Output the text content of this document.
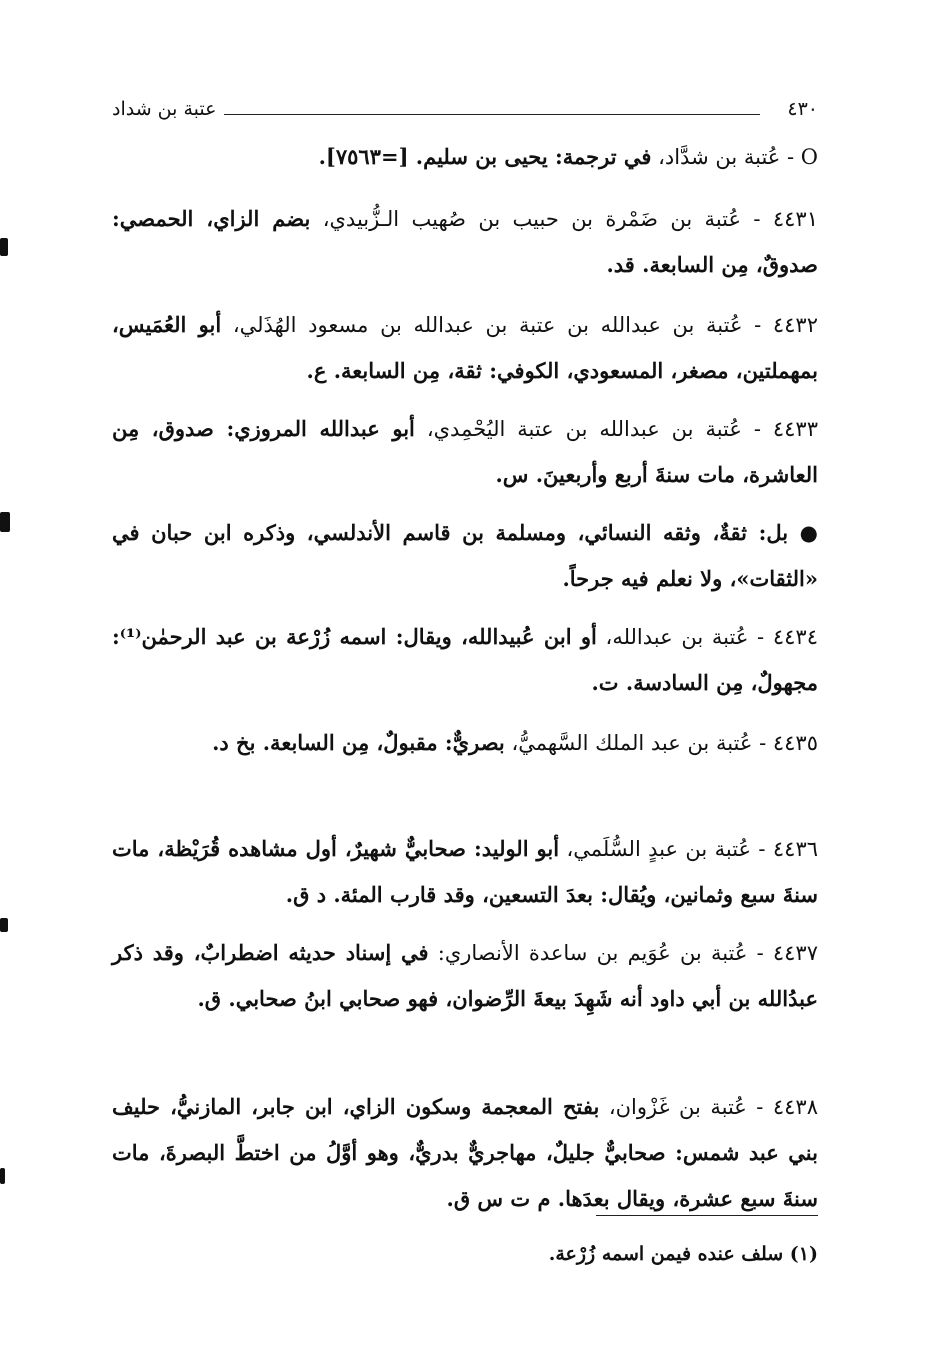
٤٣٠
عتبة بن شداد
O - عُتبة بن شدَّاد، في ترجمة: يحيى بن سليم. [=٧٥٦٣].
٤٤٣١ - عُتبة بن ضَمْرة بن حبيب بن صُهيب الـزُّبيدي، بضم الزاي، الحمصي: صدوقٌ، مِن السابعة. قد.
٤٤٣٢ - عُتبة بن عبدالله بن عتبة بن عبدالله بن مسعود الهُذَلي، أبو العُمَيس، بمهملتين، مصغر، المسعودي، الكوفي: ثقة، مِن السابعة. ع.
٤٤٣٣ - عُتبة بن عبدالله بن عتبة اليُحْمِدي، أبو عبدالله المروزي: صدوق، مِن العاشرة، مات سنةَ أربع وأربعينَ. س.
● بل: ثقةٌ، وثقه النسائي، ومسلمة بن قاسم الأندلسي، وذكره ابن حبان في «الثقات»، ولا نعلم فيه جرحاً.
٤٤٣٤ - عُتبة بن عبدالله، أو ابن عُبيدالله، ويقال: اسمه زُرْعة بن عبد الرحمٰن⁽¹⁾: مجهولٌ، مِن السادسة. ت.
٤٤٣٥ - عُتبة بن عبد الملك السَّهميُّ، بصريٌّ: مقبولٌ، مِن السابعة. بخ د.
٤٤٣٦ - عُتبة بن عبدٍ السُّلَمي، أبو الوليد: صحابيٌّ شهيرٌ، أول مشاهده قُرَيْظة، مات سنةَ سبع وثمانين، ويُقال: بعدَ التسعين، وقد قارب المئة. د ق.
٤٤٣٧ - عُتبة بن عُوَيم بن ساعدة الأنصاري: في إسناد حديثه اضطرابٌ، وقد ذكر عبدُالله بن أبي داود أنه شَهِدَ بيعةَ الرِّضوان، فهو صحابي ابنُ صحابي. ق.
٤٤٣٨ - عُتبة بن غَزْوان، بفتح المعجمة وسكون الزاي، ابن جابر، المازنيُّ، حليف بني عبد شمس: صحابيٌّ جليلٌ، مهاجريٌّ بدريٌّ، وهو أوَّلُ من اختطَّ البصرةَ، مات سنةَ سبع عشرة، ويقال بعدَها. م ت س ق.
(١) سلف عنده فيمن اسمه زُرْعة.
